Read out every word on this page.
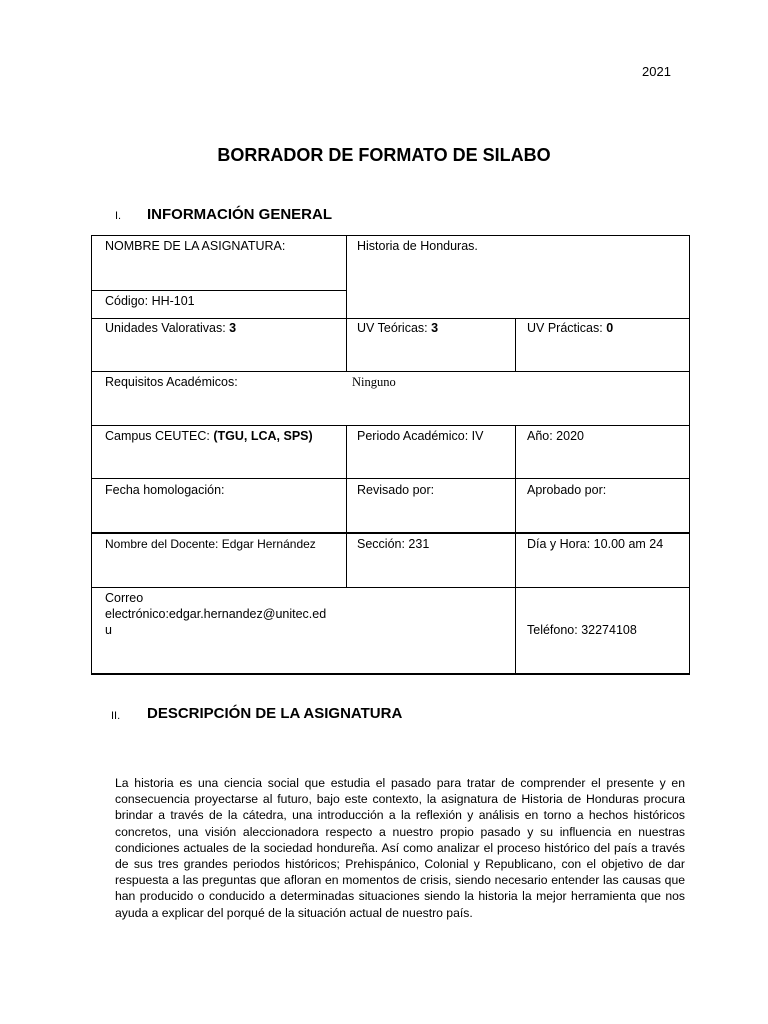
2021
BORRADOR DE FORMATO DE SILABO
I. INFORMACIÓN GENERAL
NOMBRE DE LA ASIGNATURA:	Historia de Honduras.
Código: HH-101
Unidades Valorativas: 3	UV Teóricas: 3	UV Prácticas: 0
Requisitos Académicos:	Ninguno
Campus CEUTEC: (TGU, LCA, SPS)	Periodo Académico: IV	Año: 2020
Fecha homologación:	Revisado por:	Aprobado por:
Nombre del Docente: Edgar Hernández	Sección: 231	Día y Hora: 10.00 am 24
Correo
electrónico:edgar.hernandez@unitec.ed
u	Teléfono: 32274108
II. DESCRIPCIÓN DE LA ASIGNATURA
La historia es una ciencia social que estudia el pasado para tratar de comprender el presente y en consecuencia proyectarse al futuro, bajo este contexto, la asignatura de Historia de Honduras procura brindar a través de la cátedra, una introducción a la reflexión y análisis en torno a hechos históricos concretos, una visión aleccionadora respecto a nuestro propio pasado y su influencia en nuestras condiciones actuales de la sociedad hondureña. Así como analizar el proceso histórico del país a través de sus tres grandes periodos históricos; Prehispánico, Colonial y Republicano, con el objetivo de dar respuesta a las preguntas que afloran en momentos de crisis, siendo necesario entender las causas que han producido o conducido a determinadas situaciones siendo la historia la mejor herramienta que nos ayuda a explicar del porqué de la situación actual de nuestro país.
